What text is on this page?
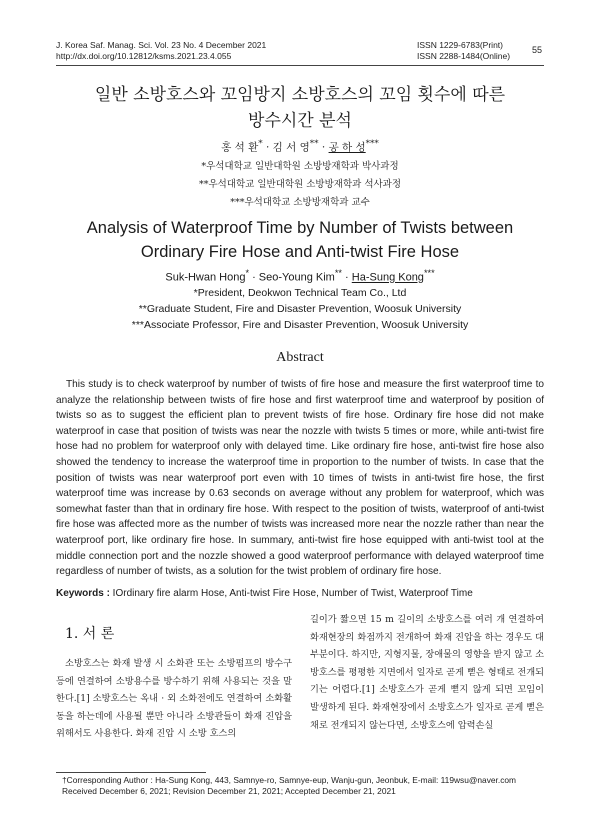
J. Korea Saf. Manag. Sci. Vol. 23 No. 4 December 2021
http://dx.doi.org/10.12812/ksms.2021.23.4.055
ISSN 1229-6783(Print)
ISSN 2288-1484(Online)
55
일반 소방호스와 꼬임방지 소방호스의 꼬임 횟수에 따른
방수시간 분석
홍 석 환* · 김 서 영** · 공 하 성***
*우석대학교 일반대학원 소방방재학과 박사과정
**우석대학교 일반대학원 소방방재학과 석사과정
***우석대학교 소방방재학과 교수
Analysis of Waterproof Time by Number of Twists between
Ordinary Fire Hose and Anti-twist Fire Hose
Suk-Hwan Hong* · Seo-Young Kim** · Ha-Sung Kong***
*President, Deokwon Technical Team Co., Ltd
**Graduate Student, Fire and Disaster Prevention, Woosuk University
***Associate Professor, Fire and Disaster Prevention, Woosuk University
Abstract

This study is to check waterproof by number of twists of fire hose and measure the first waterproof time to analyze the relationship between twists of fire hose and first waterproof time and waterproof by position of twists so as to suggest the efficient plan to prevent twists of fire hose. Ordinary fire hose did not make waterproof in case that position of twists was near the nozzle with twists 5 times or more, while anti-twist fire hose had no problem for waterproof only with delayed time. Like ordinary fire hose, anti-twist fire hose also showed the tendency to increase the waterproof time in proportion to the number of twists. In case that the position of twists was near waterproof port even with 10 times of twists in anti-twist fire hose, the first waterproof time was increase by 0.63 seconds on average without any problem for waterproof, which was somewhat faster than that in ordinary fire hose. With respect to the position of twists, waterproof of anti-twist fire hose was affected more as the number of twists was increased more near the nozzle rather than near the waterproof port, like ordinary fire hose. In summary, anti-twist fire hose equipped with anti-twist tool at the middle connection port and the nozzle showed a good waterproof performance with delayed waterproof time regardless of number of twists, as a solution for the twist problem of ordinary fire hose.

Keywords : IOrdinary fire alarm Hose, Anti-twist Fire Hose, Number of Twist, Waterproof Time
1. 서 론

소방호스는 화재 발생 시 소화관 또는 소방펌프의 방수구 등에 연결하여 소방용수를 방수하기 위해 사용되는 것을 말한다.[1] 소방호스는 옥내 · 외 소화전에도 연결하여 소화활동을 하는데에 사용될 뿐만 아니라 소방관들이 화재 진압을 위해서도 사용한다. 화재 진압 시 소방 호스의

길이가 짧으면 15 m 길이의 소방호스를 여러 개 연결하여 화재현장의 화점까지 전개하여 화재 진압을 하는 경우도 대부분이다. 하지만, 지형지물, 장애물의 영향을 받지 않고 소방호스를 평평한 지면에서 일자로 곧게 뻗은 형태로 전개되기는 어렵다.[1] 소방호스가 곧게 뻗지 않게 되면 꼬임이 발생하게 된다. 화재현장에서 소방호스가 일자로 곧게 뻗은 채로 전개되지 않는다면, 소방호스에 압력손실

†Corresponding Author : Ha-Sung Kong, 443, Samnye-ro, Samnye-eup, Wanju-gun, Jeonbuk, E-mail: 119wsu@naver.com
Received December 6, 2021; Revision December 21, 2021; Accepted December 21, 2021
